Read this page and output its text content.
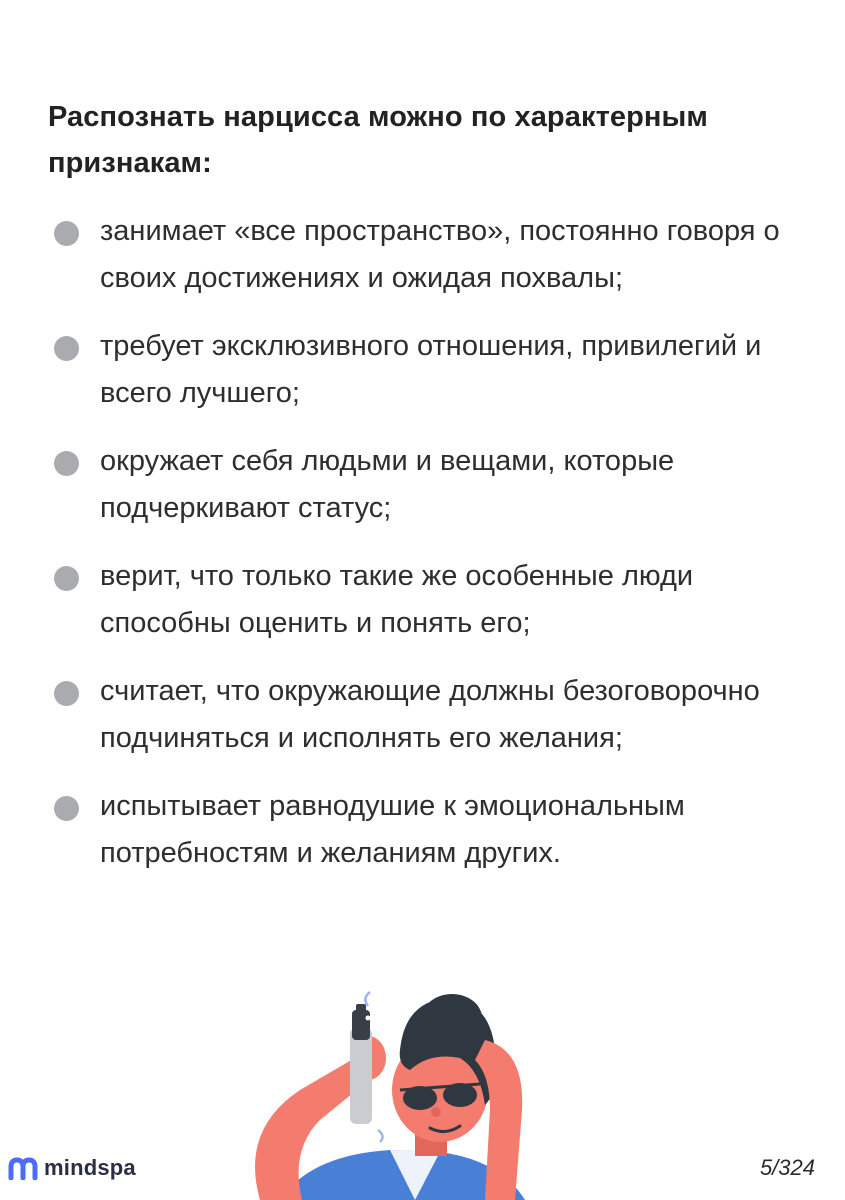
Распознать нарцисса можно по характерным признакам:
занимает «все пространство», постоянно говоря о своих достижениях и ожидая похвалы;
требует эксклюзивного отношения, привилегий и всего лучшего;
окружает себя людьми и вещами, которые подчеркивают статус;
верит, что только такие же особенные люди способны оценить и понять его;
считает, что окружающие должны безоговорочно подчиняться и исполнять его желания;
испытывает равнодушие к эмоциональным потребностям и желаниям других.
mindspa	5/324
